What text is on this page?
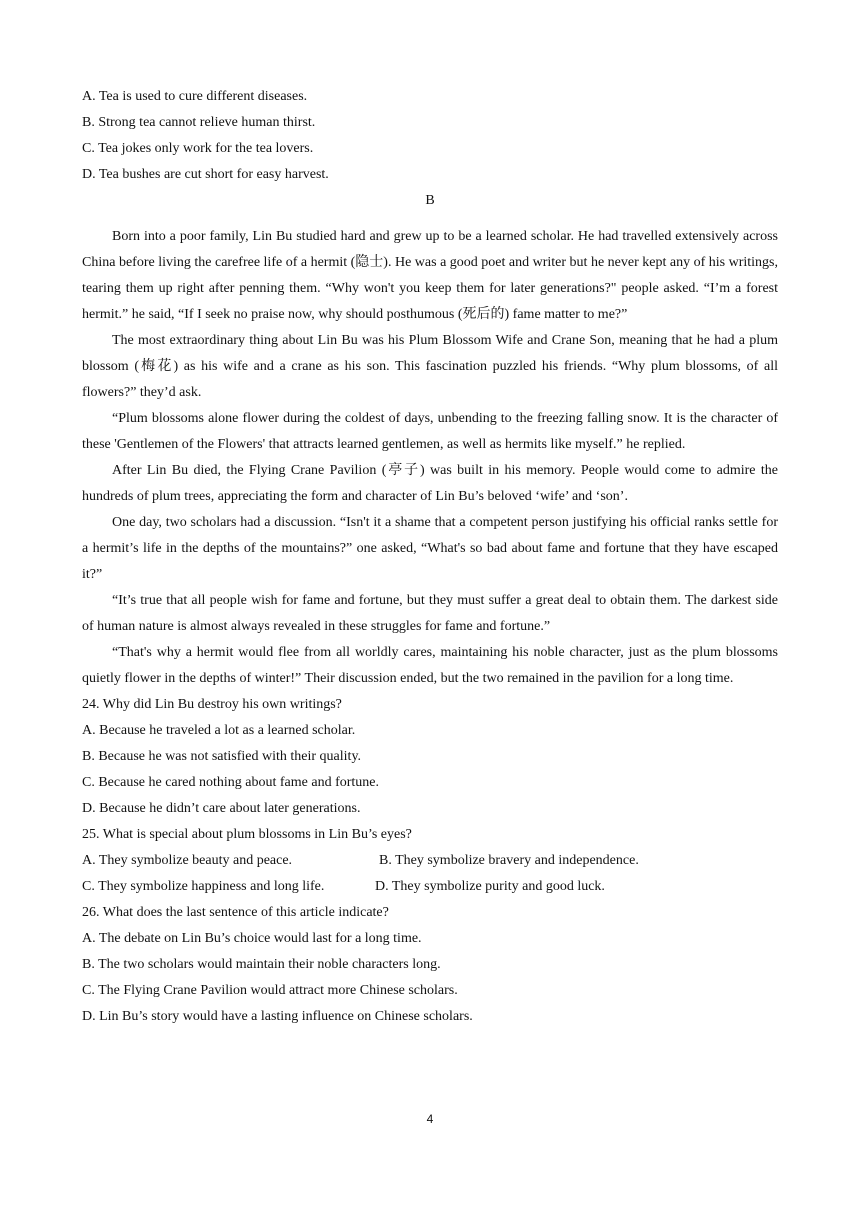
A. Tea is used to cure different diseases.
B. Strong tea cannot relieve human thirst.
C. Tea jokes only work for the tea lovers.
D. Tea bushes are cut short for easy harvest.
B

Born into a poor family, Lin Bu studied hard and grew up to be a learned scholar. He had travelled extensively across China before living the carefree life of a hermit (隐士). He was a good poet and writer but he never kept any of his writings, tearing them up right after penning them. “Why won't you keep them for later generations?" people asked. “I’m a forest hermit.” he said, “If I seek no praise now, why should posthumous (死后的) fame matter to me?”

The most extraordinary thing about Lin Bu was his Plum Blossom Wife and Crane Son, meaning that he had a plum blossom (梅花) as his wife and a crane as his son. This fascination puzzled his friends. “Why plum blossoms, of all flowers?” they’d ask.

“Plum blossoms alone flower during the coldest of days, unbending to the freezing falling snow. It is the character of these 'Gentlemen of the Flowers' that attracts learned gentlemen, as well as hermits like myself.” he replied.

After Lin Bu died, the Flying Crane Pavilion (亭子) was built in his memory. People would come to admire the hundreds of plum trees, appreciating the form and character of Lin Bu’s beloved ‘wife’ and ‘son’.

One day, two scholars had a discussion. “Isn't it a shame that a competent person justifying his official ranks settle for a hermit’s life in the depths of the mountains?” one asked, “What's so bad about fame and fortune that they have escaped it?”

“It’s true that all people wish for fame and fortune, but they must suffer a great deal to obtain them. The darkest side of human nature is almost always revealed in these struggles for fame and fortune.”

“That's why a hermit would flee from all worldly cares, maintaining his noble character, just as the plum blossoms quietly flower in the depths of winter!” Their discussion ended, but the two remained in the pavilion for a long time.

24. Why did Lin Bu destroy his own writings?
A. Because he traveled a lot as a learned scholar.
B. Because he was not satisfied with their quality.
C. Because he cared nothing about fame and fortune.
D. Because he didn’t care about later generations.
25. What is special about plum blossoms in Lin Bu’s eyes?
A. They symbolize beauty and peace.	B. They symbolize bravery and independence.
C. They symbolize happiness and long life.	D. They symbolize purity and good luck.
26. What does the last sentence of this article indicate?
A. The debate on Lin Bu’s choice would last for a long time.
B. The two scholars would maintain their noble characters long.
C. The Flying Crane Pavilion would attract more Chinese scholars.
D. Lin Bu’s story would have a lasting influence on Chinese scholars.
4
